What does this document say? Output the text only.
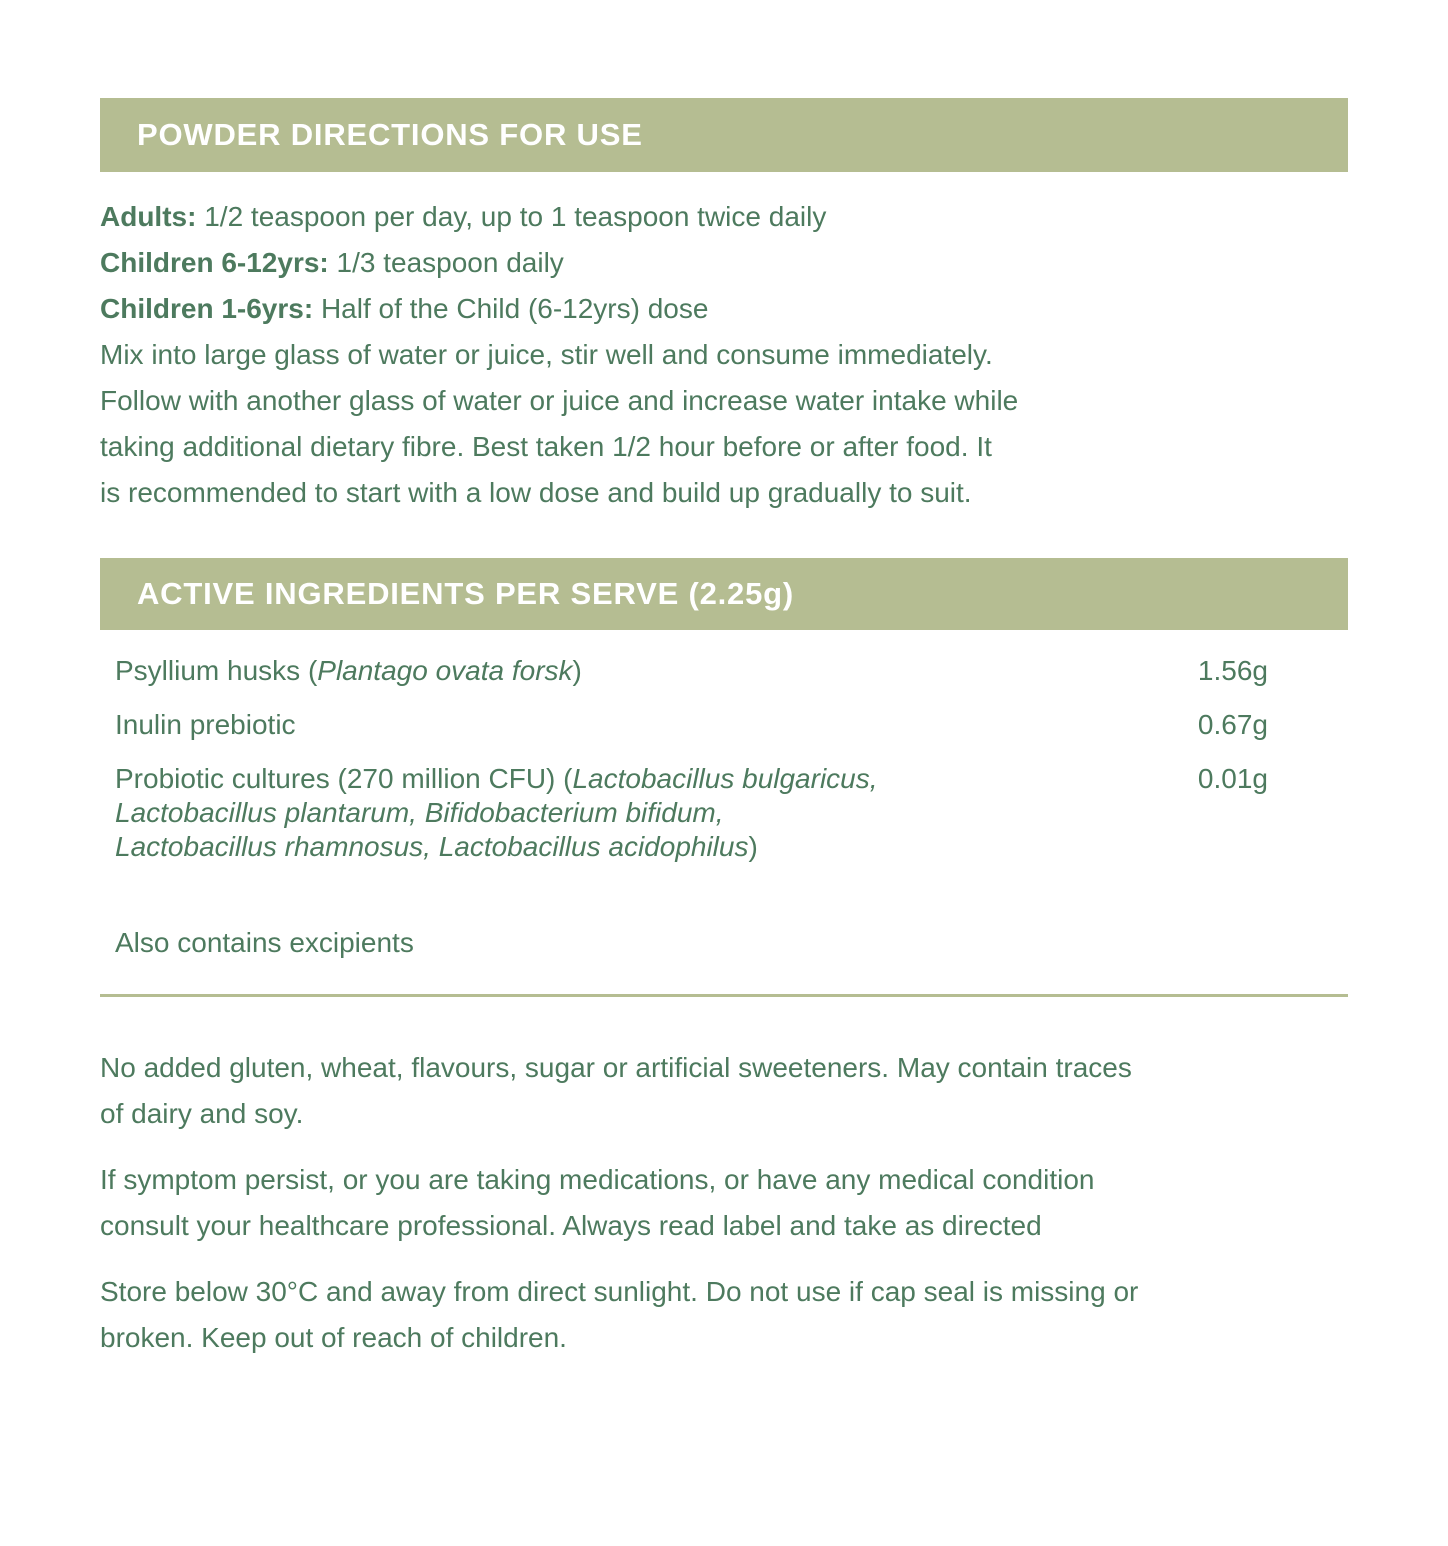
POWDER DIRECTIONS FOR USE
Adults: 1/2 teaspoon per day, up to 1 teaspoon twice daily
Children 6-12yrs: 1/3 teaspoon daily
Children 1-6yrs: Half of the Child (6-12yrs) dose
Mix into large glass of water or juice, stir well and consume immediately.
Follow with another glass of water or juice and increase water intake while
taking additional dietary fibre. Best taken 1/2 hour before or after food. It
is recommended to start with a low dose and build up gradually to suit.
ACTIVE INGREDIENTS PER SERVE (2.25g)
Psyllium husks (Plantago ovata forsk)	1.56g
Inulin prebiotic	0.67g
Probiotic cultures (270 million CFU) (Lactobacillus bulgaricus,
Lactobacillus plantarum, Bifidobacterium bifidum,
Lactobacillus rhamnosus, Lactobacillus acidophilus)
0.01g
Also contains excipients
No added gluten, wheat, flavours, sugar or artificial sweeteners. May contain traces
of dairy and soy.
If symptom persist, or you are taking medications, or have any medical condition
consult your healthcare professional. Always read label and take as directed
Store below 30°C and away from direct sunlight. Do not use if cap seal is missing or
broken. Keep out of reach of children.
